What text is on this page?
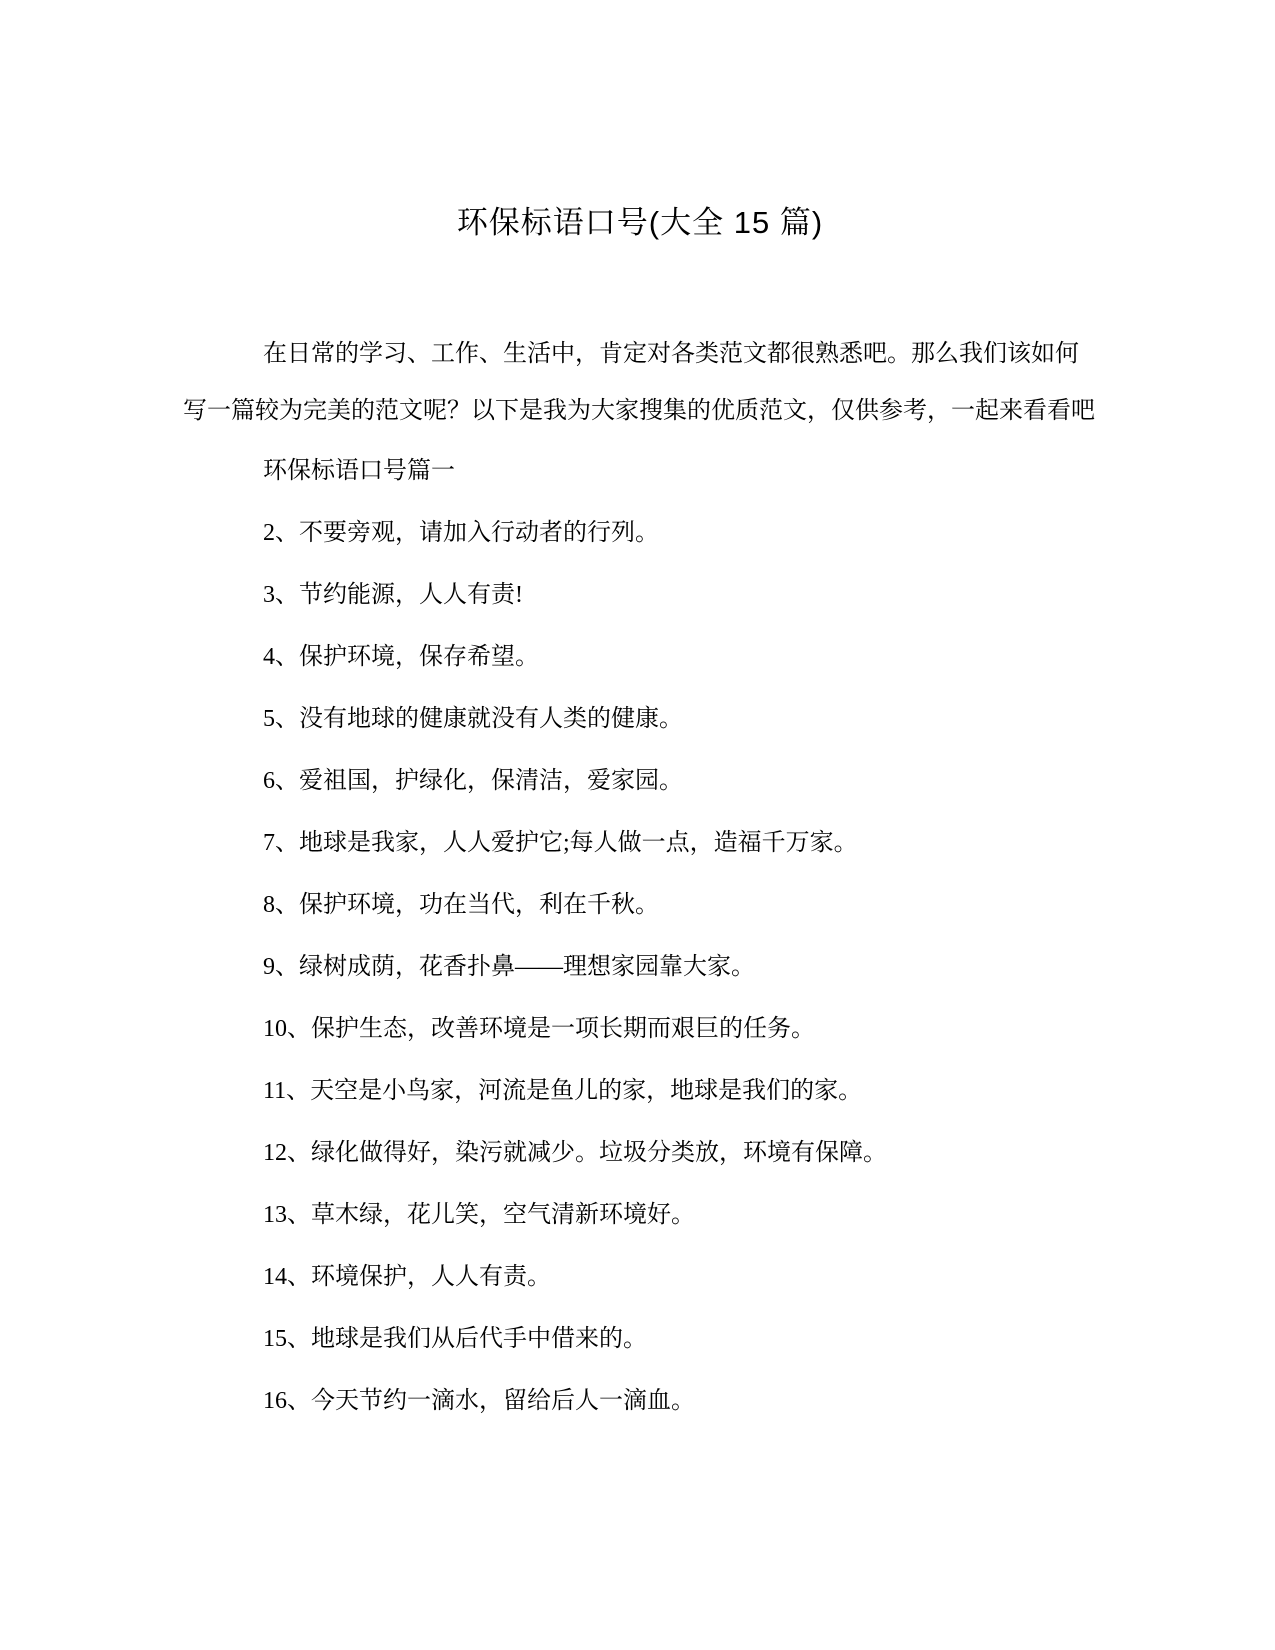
环保标语口号(大全 15 篇)

在日常的学习、工作、生活中，肯定对各类范文都很熟悉吧。那么我们该如何写一篇较为完美的范文呢？以下是我为大家搜集的优质范文，仅供参考，一起来看看吧

环保标语口号篇一

2、不要旁观，请加入行动者的行列。

3、节约能源，人人有责!

4、保护环境，保存希望。

5、没有地球的健康就没有人类的健康。

6、爱祖国，护绿化，保清洁，爱家园。

7、地球是我家，人人爱护它;每人做一点，造福千万家。

8、保护环境，功在当代，利在千秋。

9、绿树成荫，花香扑鼻——理想家园靠大家。

10、保护生态，改善环境是一项长期而艰巨的任务。

11、天空是小鸟家，河流是鱼儿的家，地球是我们的家。

12、绿化做得好，染污就减少。垃圾分类放，环境有保障。

13、草木绿，花儿笑，空气清新环境好。

14、环境保护，人人有责。

15、地球是我们从后代手中借来的。

16、今天节约一滴水，留给后人一滴血。
